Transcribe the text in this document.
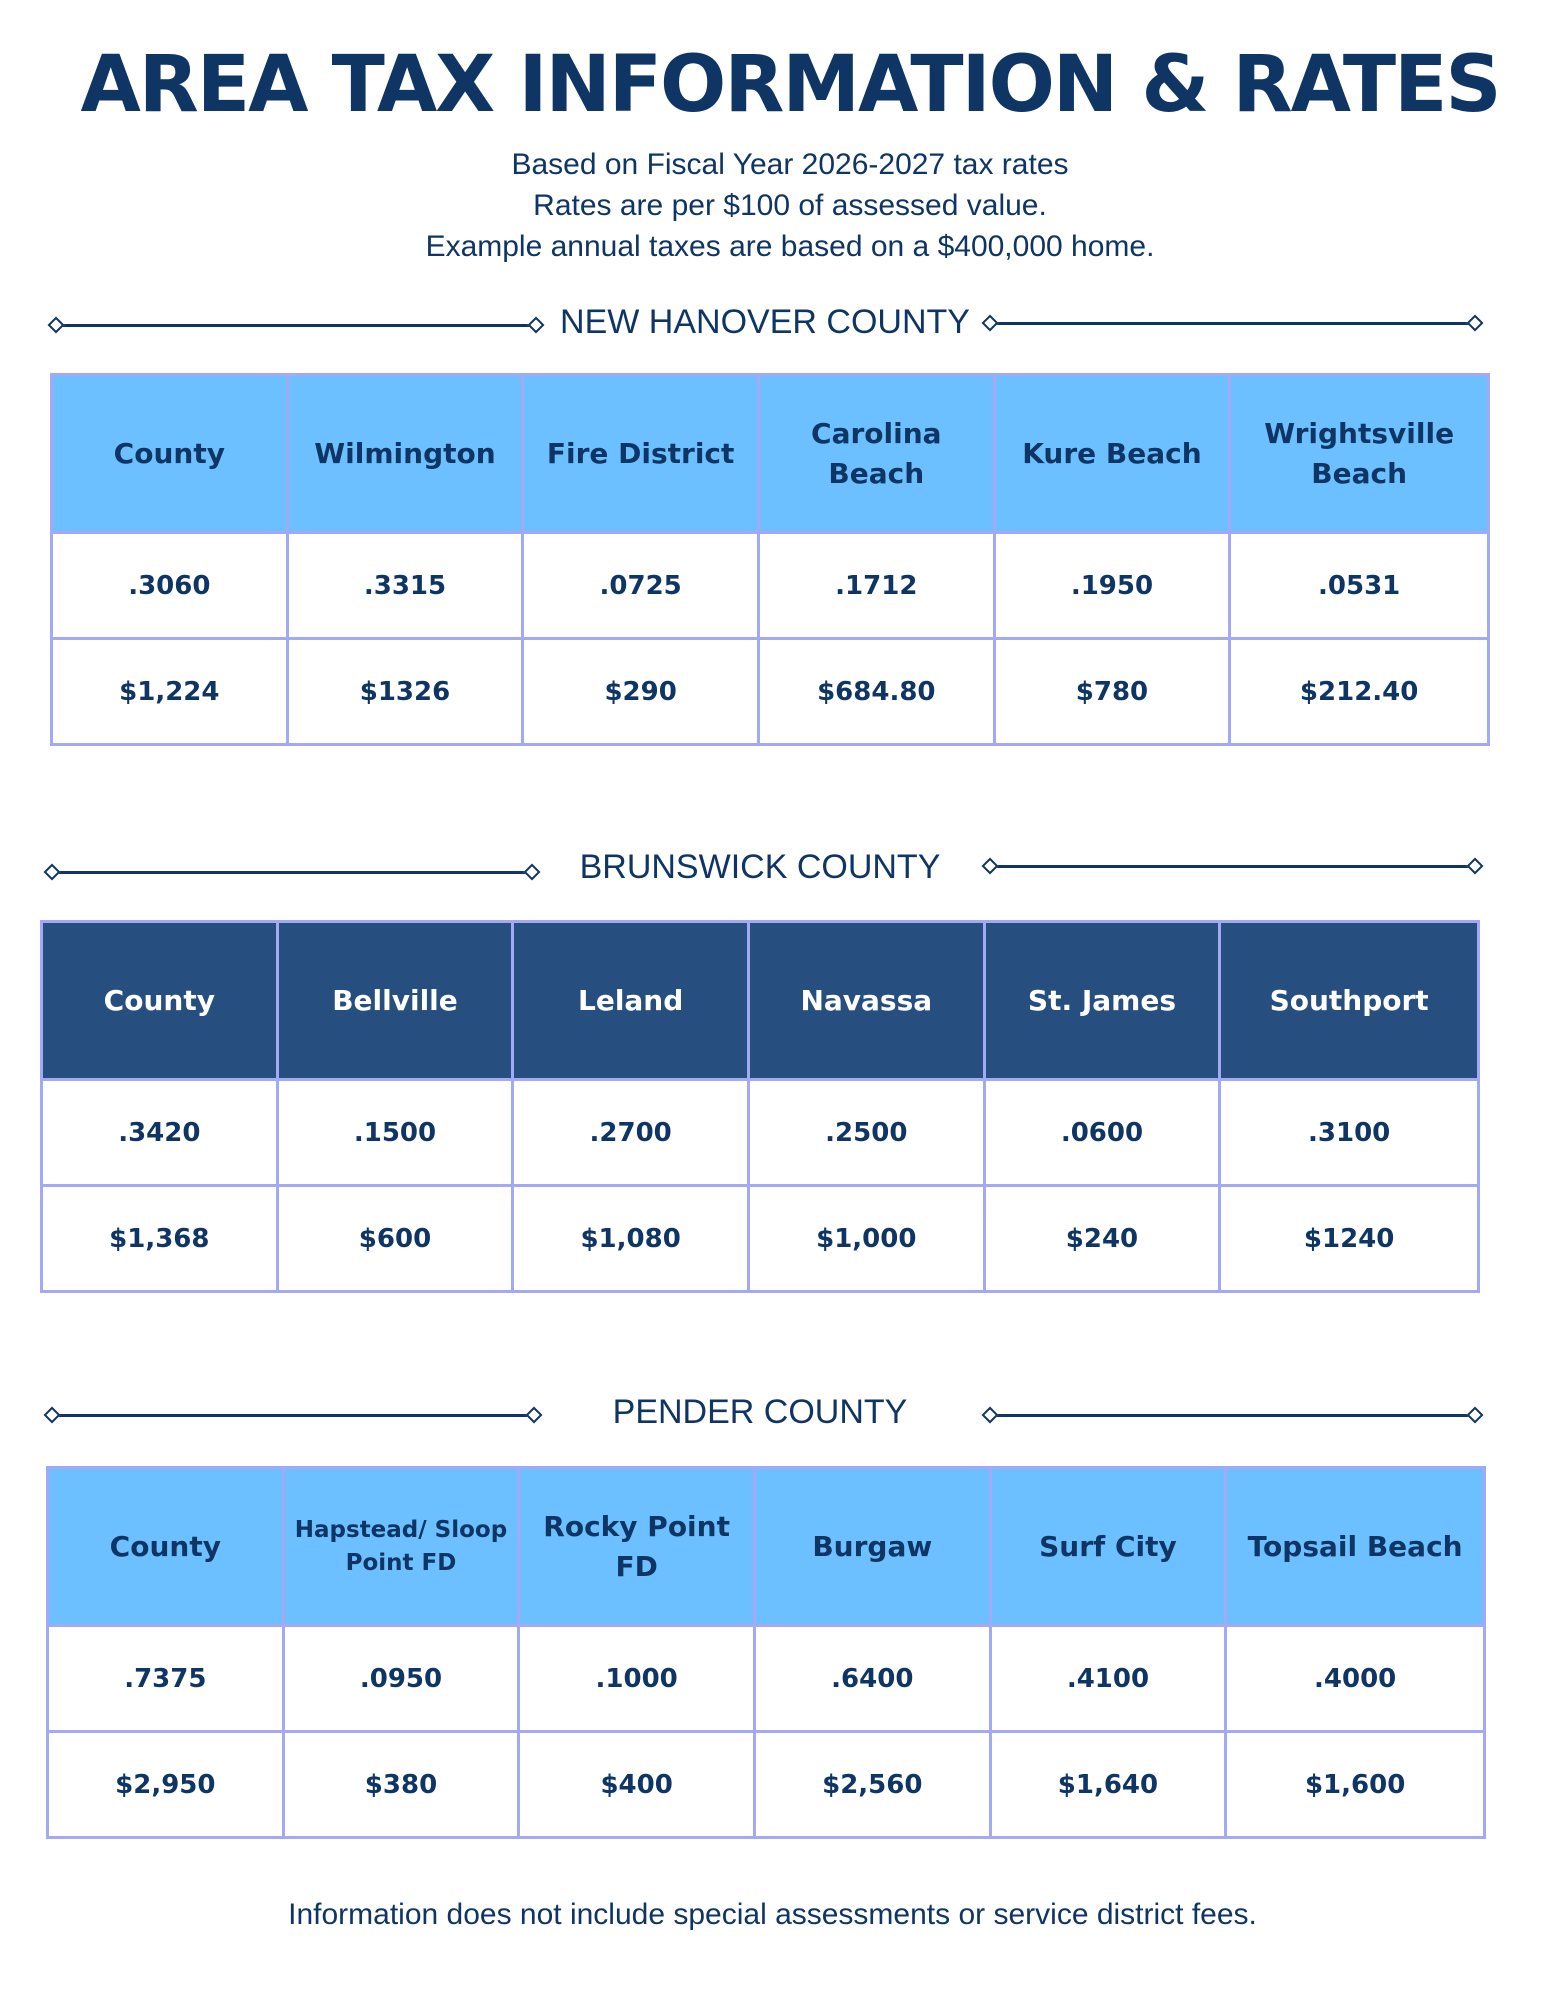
AREA TAX INFORMATION & RATES
Based on Fiscal Year 2026-2027 tax rates
Rates are per $100 of assessed value.
Example annual taxes are based on a $400,000 home.
NEW HANOVER COUNTY
County	Wilmington	Fire District	Carolina Beach	Kure Beach	Wrightsville Beach
.3060	.3315	.0725	.1712	.1950	.0531
$1,224	$1326	$290	$684.80	$780	$212.40
BRUNSWICK COUNTY
County	Bellville	Leland	Navassa	St. James	Southport
.3420	.1500	.2700	.2500	.0600	.3100
$1,368	$600	$1,080	$1,000	$240	$1240
PENDER COUNTY
County	Hapstead/ Sloop Point FD	Rocky Point FD	Burgaw	Surf City	Topsail Beach
.7375	.0950	.1000	.6400	.4100	.4000
$2,950	$380	$400	$2,560	$1,640	$1,600
Information does not include special assessments or service district fees.
